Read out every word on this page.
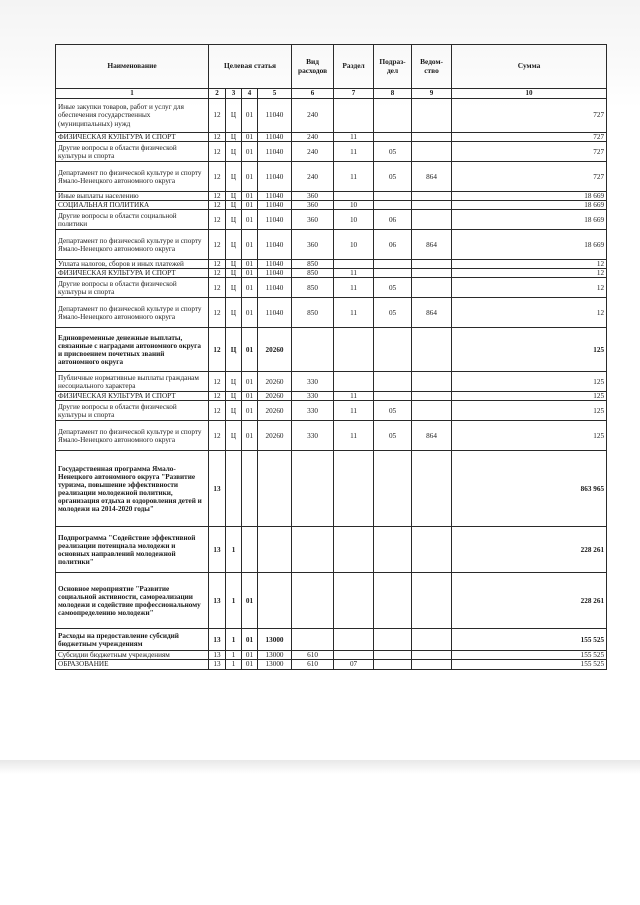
Наименование	Целевая статья				Вид расходов	Раздел	Подраз-дел	Ведом-ство	Сумма
1	2	3	4	5	6	7	8	9	10
Иные закупки товаров, работ и услуг для обеспечения государственных (муниципальных) нужд	12	Ц	01	11040	240				727
ФИЗИЧЕСКАЯ КУЛЬТУРА И СПОРТ	12	Ц	01	11040	240	11			727
Другие вопросы в области физической культуры и спорта	12	Ц	01	11040	240	11	05		727
Департамент по физической культуре и спорту Ямало-Ненецкого автономного округа	12	Ц	01	11040	240	11	05	864	727
Иные выплаты населению	12	Ц	01	11040	360				18 669
СОЦИАЛЬНАЯ ПОЛИТИКА	12	Ц	01	11040	360	10			18 669
Другие вопросы в области социальной политики	12	Ц	01	11040	360	10	06		18 669
Департамент по физической культуре и спорту Ямало-Ненецкого автономного округа	12	Ц	01	11040	360	10	06	864	18 669
Уплата налогов, сборов и иных платежей	12	Ц	01	11040	850				12
ФИЗИЧЕСКАЯ КУЛЬТУРА И СПОРТ	12	Ц	01	11040	850	11			12
Другие вопросы в области физической культуры и спорта	12	Ц	01	11040	850	11	05		12
Департамент по физической культуре и спорту Ямало-Ненецкого автономного округа	12	Ц	01	11040	850	11	05	864	12
Единовременные денежные выплаты, связанные с наградами автономного округа и присвоением почетных званий автономного округа	12	Ц	01	20260					125
Публичные нормативные выплаты гражданам несоциального характера	12	Ц	01	20260	330				125
ФИЗИЧЕСКАЯ КУЛЬТУРА И СПОРТ	12	Ц	01	20260	330	11			125
Другие вопросы в области физической культуры и спорта	12	Ц	01	20260	330	11	05		125
Департамент по физической культуре и спорту Ямало-Ненецкого автономного округа	12	Ц	01	20260	330	11	05	864	125
Государственная программа Ямало-Ненецкого автономного округа "Развитие туризма, повышение эффективности реализации молодежной политики, организация отдыха и оздоровления детей и молодежи на 2014-2020 годы"	13								863 965
Подпрограмма "Содействие эффективной реализации потенциала молодежи и основных направлений молодежной политики"	13	1							228 261
Основное мероприятие "Развитие социальной активности, самореализации молодежи и содействие профессиональному самоопределению молодежи"	13	1	01						228 261
Расходы на предоставление субсидий бюджетным учреждениям	13	1	01	13000					155 525
Субсидии бюджетным учреждениям	13	1	01	13000	610				155 525
ОБРАЗОВАНИЕ	13	1	01	13000	610	07			155 525
